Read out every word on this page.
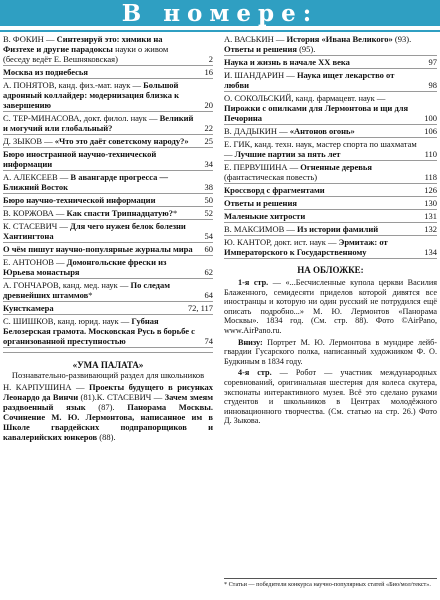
В номере:
В. ФОКИН — Синтезируй это: химики на Физтехе и другие парадоксы науки о живом (беседу ведёт Е. Вешняковская)	2
Москва из поднебесья	16
А. ПОНЯТОВ, канд. физ.-мат. наук — Большой адронный коллайдер: модернизация близка к завершению	20
С. ТЕР-МИНАСОВА, докт. филол. наук — Великий и могучий или глобальный?	22
Д. ЗЫКОВ — «Что это даёт советскому народу?»	25
Бюро иностранной научно-технической информации	34
А. АЛЕКСЕЕВ — В авангарде прогресса — Ближний Восток	38
Бюро научно-технической информации	50
В. КОРЖОВА — Как спасти Трипнадцатую?*	52
К. СТАСЕВИЧ — Для чего нужен белок болезни Хантингтона	54
О чём пишут научно-популярные журналы мира 60
Е. АНТОНОВ — Домонгольские фрески из Юрьева монастыря	62
А. ГОНЧАРОВ, канд. мед. наук — По следам древнейших штаммов*	64
Кунсткамера	72, 117
С. ШИШКОВ, канд. юрид. наук — Губная Белозерская грамота. Московская Русь в борьбе с организованной преступностью	74
«УМА ПАЛАТА»
Познавательно-развивающий раздел для школьников
Н. КАРПУШИНА — Проекты будущего в рисунках Леонардо да Винчи (81).К. СТАСЕВИЧ — Зачем змеям раздвоенный язык (87). Панорама Москвы. Сочинение М. Ю. Лермонтова, написанное им в Школе гвардейских подпрапорщиков и кавалерийских юнкеров (88).
А. ВАСЬКИН — История «Ивана Великого» (93). Ответы и решения (95).
Наука и жизнь в начале XX века	97
И. ШАНДАРИН — Наука ищет лекарство от любви	98
О. СОКОЛЬСКИЙ, канд. фармацевт. наук — Пирожки с опилками для Лермонтова и щи для Печорина	100
В. ДАДЫКИН — «Антонов огонь»	106
Е. ГИК, канд. техн. наук, мастер спорта по шахматам — Лучшие партии за пять лет	110
Е. ПЕРВУШИНА — Огненные деревья (фантастическая повесть)	118
Кроссворд с фрагментами	126
Ответы и решения	130
Маленькие хитрости	131
В. МАКСИМОВ — Из истории фамилий	132
Ю. КАНТОР, докт. ист. наук — Эрмитаж: от Императорского к Государственному	134
НА ОБЛОЖКЕ:

1-я стр. — «...Бесчисленные купола церкви Василия Блаженного, семидесяти приделов которой дивятся все иностранцы и которую ни один русский не потрудился ещё описать подробно...» М. Ю. Лермонтов «Панорама Москвы». 1834 год. (См. стр. 88). Фото ©AirPano, www.AirPano.ru.

Внизу: Портрет М. Ю. Лермонтова в мундире лейб-гвардии Гусарского полка, написанный художником Ф. О. Будкиным в 1834 году.

4-я стр. — Робот — участник международных соревнований, оригинальная шестерня для колеса скутера, экспонаты интерактивного музея. Всё это сделано руками студентов и школьников в Центрах молодёжного инновационного творчества. (См. статью на стр. 26.) Фото Д. Зыкова.

* Статьи — победители конкурса научно-популярных статей «Био/мол/текст».
